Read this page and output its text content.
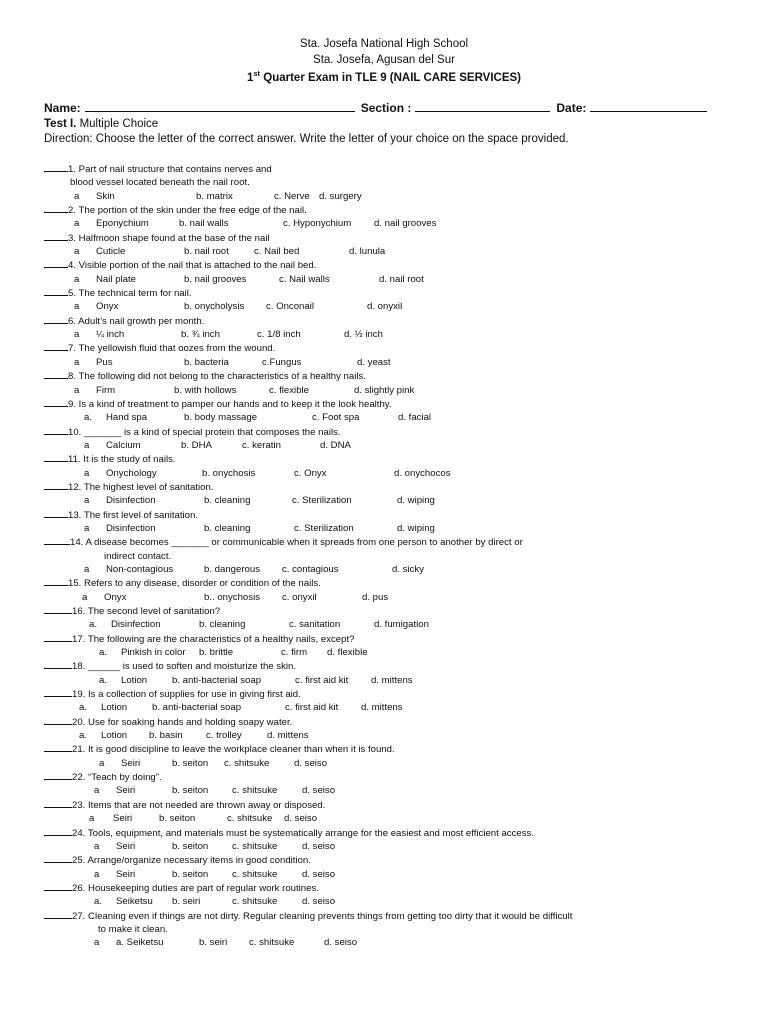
Sta. Josefa National High School
Sta. Josefa, Agusan del Sur
1st Quarter Exam in TLE 9 (NAIL CARE SERVICES)
Name:	Section :	Date:
Test I. Multiple Choice
Direction: Choose the letter of the correct answer. Write the letter of your choice on the space provided.
1. Part of nail structure that contains nerves and
blood vessel located beneath the nail root.
a Skin	b. matrix	c. Nerve d. surgery
2. The portion of the skin under the free edge of the nail.
a Eponychium	b. nail walls	c. Hyponychium d. nail grooves
3. Halfmoon shape found at the base of the nail
a Cuticle	b. nail root	c. Nail bed	d. lunula
4. Visible portion of the nail that is attached to the nail bed.
a Nail plate	b. nail grooves	c. Nail walls	d. nail root
5. The technical term for nail.
a Onyx	b. onycholysis c. Onconail	d. onyxil
6. Adult’s nail growth per month.
a ¼ inch	b. ¾ inch	c. 1/8 inch	d. ½ inch
7. The yellowish fluid that oozes from the wound.
a Pus	b. bacteria	c.Fungus	d. yeast
8. The following did not belong to the characteristics of a healthy nails.
a Firm	b. with hollows	c. flexible	d. slightly pink
9. Is a kind of treatment to pamper our hands and to keep it the look healthy.
a. Hand spa	b. body massage	c. Foot spa	d. facial
10. _______ is a kind of special protein that composes the nails.
a Calcium	b. DHA	c. keratin	d. DNA
11. It is the study of nails.
a Onychology	b. onychosis	c. Onyx	d. onychocos
12. The highest level of sanitation.
a Disinfection	b. cleaning	c. Sterilization	d. wiping
13. The first level of sanitation.
a Disinfection	b. cleaning	c. Sterilization	d. wiping
14. A disease becomes _______ or communicable when it spreads from one person to another by direct or
indirect contact.
a Non-contagious	b. dangerous c. contagious	d. sicky
15. Refers to any disease, disorder or condition of the nails.
a Onyx	b.. onychosis c. onyxil	d. pus
16. The second level of sanitation?
a. Disinfection	b. cleaning	c. sanitation	d. fumigation
17. The following are the characteristics of a healthy nails, except?
a. Pinkish in color b. brittle	c. firm d. flexible
18. ______ is used to soften and moisturize the skin.
a. Lotion	b. anti-bacterial soap	c. first aid kit d. mittens
19. Is a collection of supplies for use in giving first aid.
a. Lotion	b. anti-bacterial soap	c. first aid kit d. mittens
20. Use for soaking hands and holding soapy water.
a. Lotion b. basin c. trolley	d. mittens
21. It is good discipline to leave the workplace cleaner than when it is found.
a Seiri	b. seiton c. shitsuke	d. seiso
22. “Teach by doing”.
a Seiri	b. seiton c. shitsuke	d. seiso
23. Items that are not needed are thrown away or disposed.
a Seiri	b. seiton	c. shitsuke d. seiso
24. Tools, equipment, and materials must be systematically arrange for the easiest and most efficient access.
a Seiri	b. seiton c. shitsuke	d. seiso
25. Arrange/organize necessary items in good condition.
a Seiri	b. seiton c. shitsuke	d. seiso
26. Housekeeping duties are part of regular work routines.
a. Seiketsu b. seiri	c. shitsuke	d. seiso
27. Cleaning even if things are not dirty. Regular cleaning prevents things from getting too dirty that it would be difficult
to make it clean.
a a. Seiketsu	b. seiri c. shitsuke	d. seiso
